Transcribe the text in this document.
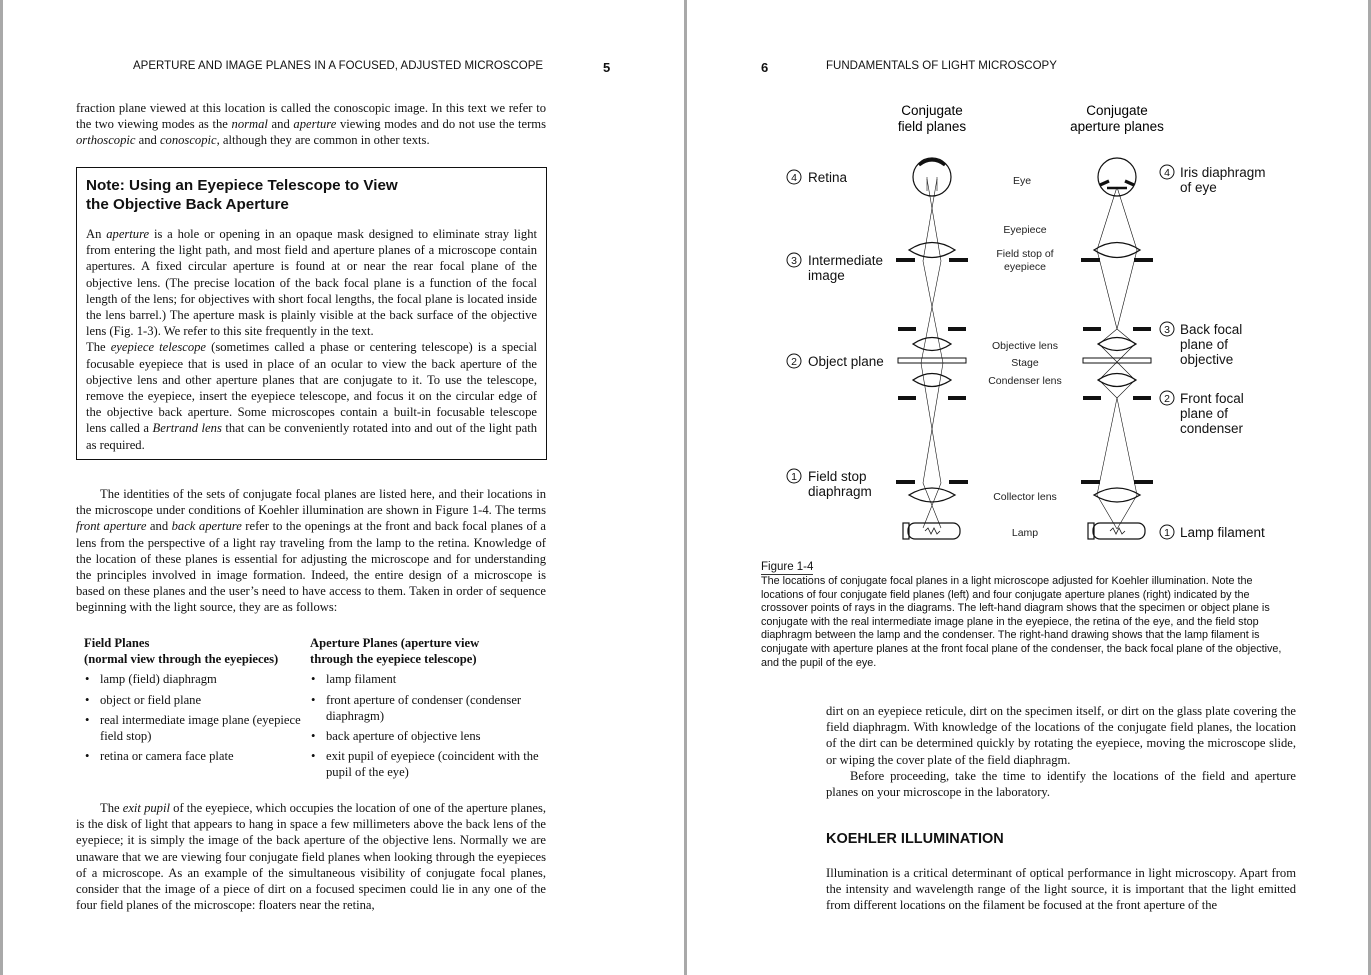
APERTURE AND IMAGE PLANES IN A FOCUSED, ADJUSTED MICROSCOPE	5
fraction plane viewed at this location is called the conoscopic image. In this text we refer to the two viewing modes as the normal and aperture viewing modes and do not use the terms orthoscopic and conoscopic, although they are common in other texts.
Note: Using an Eyepiece Telescope to View
the Objective Back Aperture

An aperture is a hole or opening in an opaque mask designed to eliminate stray light from entering the light path, and most field and aperture planes of a microscope contain apertures. A fixed circular aperture is found at or near the rear focal plane of the objective lens. (The precise location of the back focal plane is a function of the focal length of the lens; for objectives with short focal lengths, the focal plane is located inside the lens barrel.) The aperture mask is plainly visible at the back surface of the objective lens (Fig. 1-3). We refer to this site frequently in the text.

The eyepiece telescope (sometimes called a phase or centering telescope) is a special focusable eyepiece that is used in place of an ocular to view the back aperture of the objective lens and other aperture planes that are conjugate to it. To use the telescope, remove the eyepiece, insert the eyepiece telescope, and focus it on the circular edge of the objective back aperture. Some microscopes contain a built-in focusable telescope lens called a Bertrand lens that can be conveniently rotated into and out of the light path as required.

The identities of the sets of conjugate focal planes are listed here, and their locations in the microscope under conditions of Koehler illumination are shown in Figure 1-4. The terms front aperture and back aperture refer to the openings at the front and back focal planes of a lens from the perspective of a light ray traveling from the lamp to the retina. Knowledge of the location of these planes is essential for adjusting the microscope and for understanding the principles involved in image formation. Indeed, the entire design of a microscope is based on these planes and the user’s need to have access to them. Taken in order of sequence beginning with the light source, they are as follows:
Field Planes
(normal view through the eyepieces)
• lamp (field) diaphragm
• object or field plane
• real intermediate image plane (eyepiece field stop)
• retina or camera face plate
Aperture Planes (aperture view
through the eyepiece telescope)
• lamp filament
• front aperture of condenser (condenser diaphragm)
• back aperture of objective lens
• exit pupil of eyepiece (coincident with the pupil of the eye)
The exit pupil of the eyepiece, which occupies the location of one of the aperture planes, is the disk of light that appears to hang in space a few millimeters above the back lens of the eyepiece; it is simply the image of the back aperture of the objective lens. Normally we are unaware that we are viewing four conjugate field planes when looking through the eyepieces of a microscope. As an example of the simultaneous visibility of conjugate focal planes, consider that the image of a piece of dirt on a focused specimen could lie in any one of the four field planes of the microscope: floaters near the retina,
6	FUNDAMENTALS OF LIGHT MICROSCOPY
Conjugate
field planes
Conjugate
aperture planes
Eye
Eyepiece
Field stop of
eyepiece
Objective lens
Stage
Condenser lens
Collector lens
Lamp
4 Retina
3 Intermediate
image
2 Object plane
1 Field stop
diaphragm
4 Iris diaphragm
of eye
3 Back focal
plane of
objective
2 Front focal
plane of
condenser
1 Lamp filament
Figure 1-4
The locations of conjugate focal planes in a light microscope adjusted for Koehler illumination. Note the locations of four conjugate field planes (left) and four conjugate aperture planes (right) indicated by the crossover points of rays in the diagrams. The left-hand diagram shows that the specimen or object plane is conjugate with the real intermediate image plane in the eyepiece, the retina of the eye, and the field stop diaphragm between the lamp and the condenser. The right-hand drawing shows that the lamp filament is conjugate with aperture planes at the front focal plane of the condenser, the back focal plane of the objective, and the pupil of the eye.
dirt on an eyepiece reticule, dirt on the specimen itself, or dirt on the glass plate covering the field diaphragm. With knowledge of the locations of the conjugate field planes, the location of the dirt can be determined quickly by rotating the eyepiece, moving the microscope slide, or wiping the cover plate of the field diaphragm.
Before proceeding, take the time to identify the locations of the field and aperture planes on your microscope in the laboratory.
KOEHLER ILLUMINATION
Illumination is a critical determinant of optical performance in light microscopy. Apart from the intensity and wavelength range of the light source, it is important that the light emitted from different locations on the filament be focused at the front aperture of the
